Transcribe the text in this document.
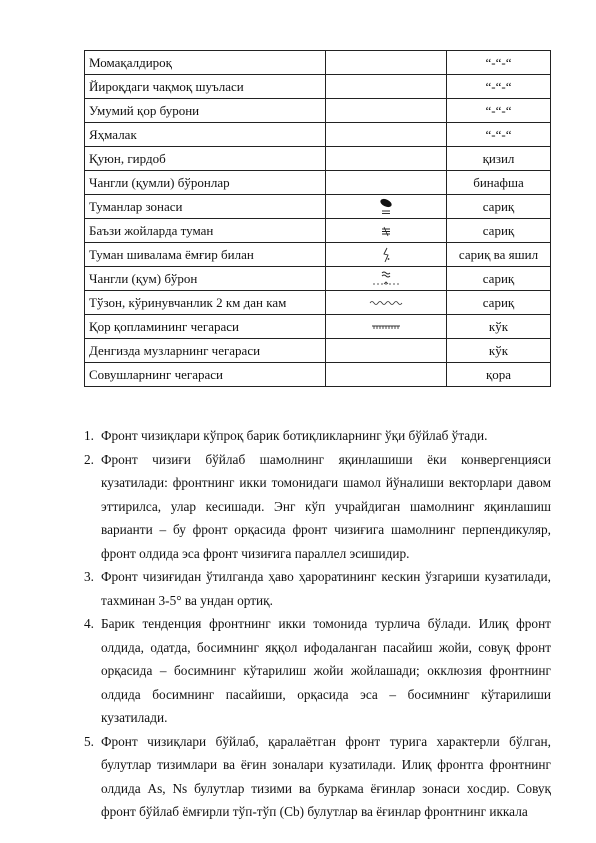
Момақалдироқ		“-“-“
Йироқдаги чақмоқ шуъласи		“-“-“
Умумий қор бурони		“-“-“
Яҳмалак		“-“-“
Қуюн, гирдоб		қизил
Чангли (қумли) бўронлар		бинафша
Туманлар зонаси		сариқ
Баъзи жойларда туман		сариқ
Туман шивалама ёмғир билан		сариқ ва яшил
Чангли (қум) бўрон		сариқ
Тўзон, кўринувчанлик 2 км дан кам		сариқ
Қор қопламининг чегараси		кўк
Денгизда музларнинг чегараси		кўк
Совушларнинг чегараси		қора
1. Фронт чизиқлари кўпроқ барик ботиқликларнинг ўқи бўйлаб ўтади.
2. Фронт чизиғи бўйлаб шамолнинг яқинлашиши ёки конвергенцияси кузатилади: фронтнинг икки томонидаги шамол йўналиши векторлари давом эттирилса, улар кесишади. Энг кўп учрайдиган шамолнинг яқинлашиш варианти – бу фронт орқасида фронт чизиғига шамолнинг перпендикуляр, фронт олдида эса фронт чизиғига параллел эсишидир.
3. Фронт чизиғидан ўтилганда ҳаво ҳароратининг кескин ўзгариши кузатилади, тахминан 3-5° ва ундан ортиқ.
4. Барик тенденция фронтнинг икки томонида турлича бўлади. Илиқ фронт олдида, одатда, босимнинг яққол ифодаланган пасайиш жойи, совуқ фронт орқасида – босимнинг кўтарилиш жойи жойлашади; окклюзия фронтнинг олдида босимнинг пасайиши, орқасида эса – босимнинг кўтарилиши кузатилади.
5. Фронт чизиқлари бўйлаб, қаралаётган фронт турига характерли бўлган, булутлар тизимлари ва ёғин зоналари кузатилади. Илиқ фронтга фронтнинг олдида As, Ns булутлар тизими ва буркама ёғинлар зонаси хосдир. Совуқ фронт бўйлаб ёмғирли тўп-тўп (Cb) булутлар ва ёғинлар фронтнинг иккала
